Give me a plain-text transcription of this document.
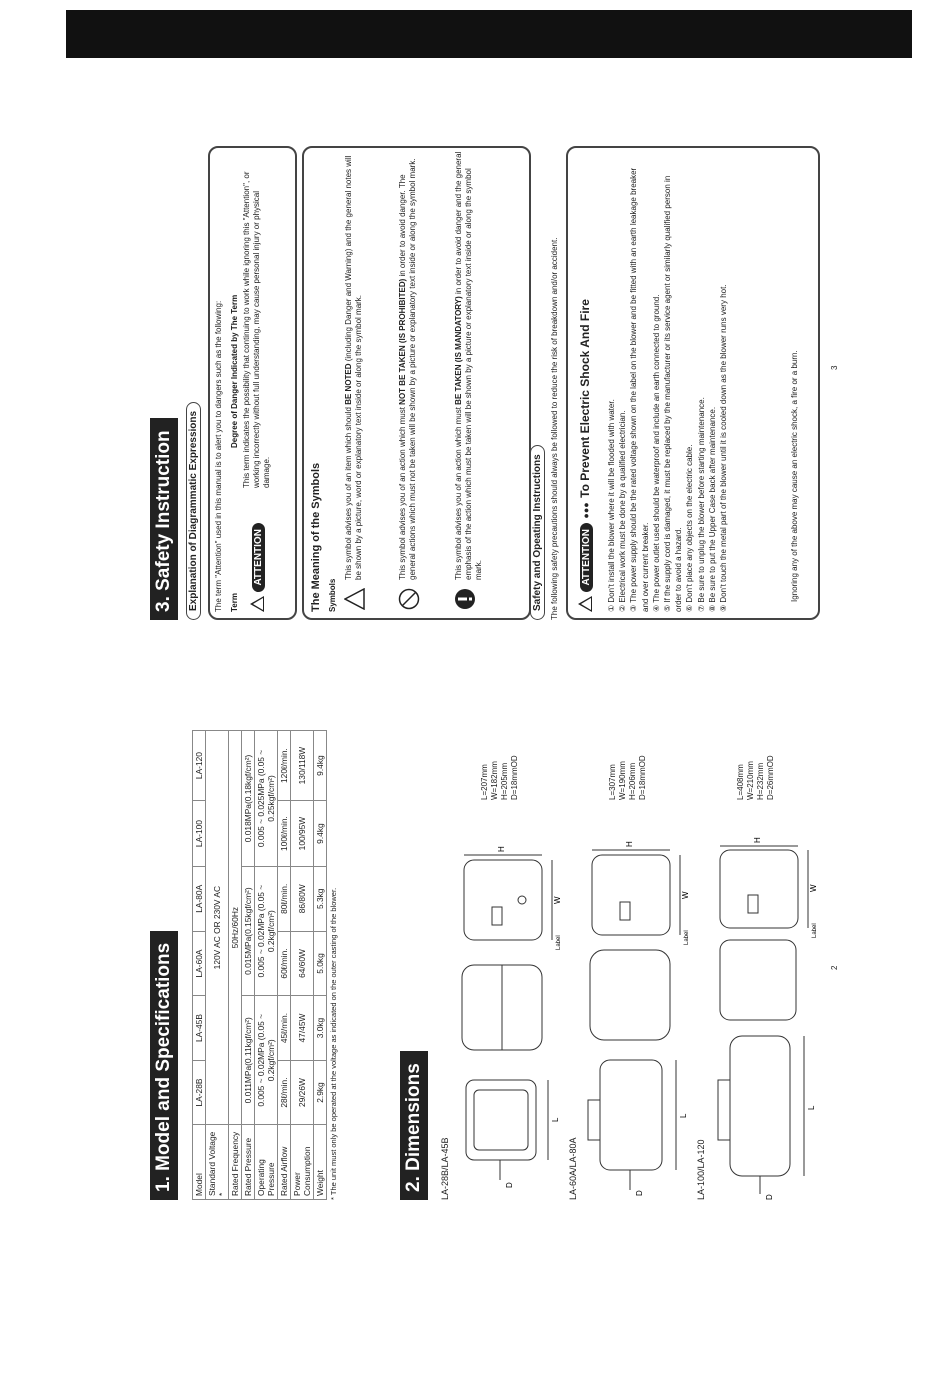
1. Model and Specifications Model	LA-28B	LA-45B	LA-60A	LA-80A	LA-100	LA-120
Standard Voltage *	120V AC OR 230V AC					
Rated Frequency	50Hz/60Hz					
Rated Pressure	0.011MPa(0.11kgf/cm²)		0.015MPa(0.15kgf/cm²)		0.018MPa(0.18kgf/cm²)	
Operating Pressure	0.005 ~ 0.02MPa (0.05 ~ 0.2kgf/cm²)		0.005 ~ 0.02MPa (0.05 ~ 0.2kgf/cm²)		0.005 ~ 0.025MPa (0.05 ~ 0.25kgf/cm²)	
Rated Airflow	28ℓ/min.	45ℓ/min.	60ℓ/min.	80ℓ/min.	100ℓ/min.	120ℓ/min.
Power Consumption	29/26W	47/45W	64/60W	86/80W	100/95W	130/118W
Weight	2.9kg	3.0kg	5.0kg	5.3kg	9.4kg	9.4kg
* The unit must only be operated at the voltage as indicated on the outer casting of the blower.	2. Dimensions	LA-28B/LA-45B
L
H
W
D
Label
L=207mm W=182mm H=205mm D=18mmOD
LA-60A/LA-80A
L
H
W
D
Label
L=307mm W=190mm H=206mm D=18mmOD
LA-100/LA-120
L
H
W
D
Label
L=408mm W=210mm H=232mm D=26mmOD
2
3. Safety Instruction Explanation of Diagrammatic Expressions The term "Attention" used in this manual is to alert you to dangers such as the following: Term
Degree of Danger Indicated by The Term
ATTENTION
This term indicates the possibility that continuing to work while ignoring this "Attention", or working incorrectly without full understanding, may cause personal injury or physical damage.	The Meaning of the Symbols Symbols
This symbol advises you of an item which should BE NOTED (including Danger and Warning) and the general notes will be shown by a picture, word or explanatory text inside or along the symbol mark.	This symbol advises you of an action which must NOT BE TAKEN (IS PROHIBITED) in order to avoid danger. The general actions which must not be taken will be shown by a picture or explanatory text inside or along the symbol mark.	This symbol advises you of an action which must BE TAKEN (IS MANDATORY) in order to avoid danger and the general emphasis of the action which must be taken will be shown by a picture or explanatory text inside or along the symbol mark.	Safety and Opeating Instructions The following safety precautions should always be followed to reduce the risk of breakdown and/or accident.	ATTENTION ●●● To Prevent Electric Shock And Fire
① Don't install the blower where it will be flooded with water. ② Electrical work must be done by a qualified electrician. ③ The power supply should be the rated voltage shown on the label on the blower and be fitted with an earth leakage breaker and over current breaker. ④ The power outlet used should be waterproof and include an earth connected to ground. ⑤ If the supply cord is damaged, it must be replaced by the manufacturer or its service agent or similarly qualified person in order to avoid a hazard. ⑥ Don't place any objects on the electric cable. ⑦ Be sure to unplug the blower before starting maintenance. ⑧ Be sure to put the Upper Case back after maintenance. ⑨ Don't touch the metal part of the blower until it is cooled down as the blower runs very hot.	Ignoring any of the above may cause an electric shock, a fire or a burn.	3
